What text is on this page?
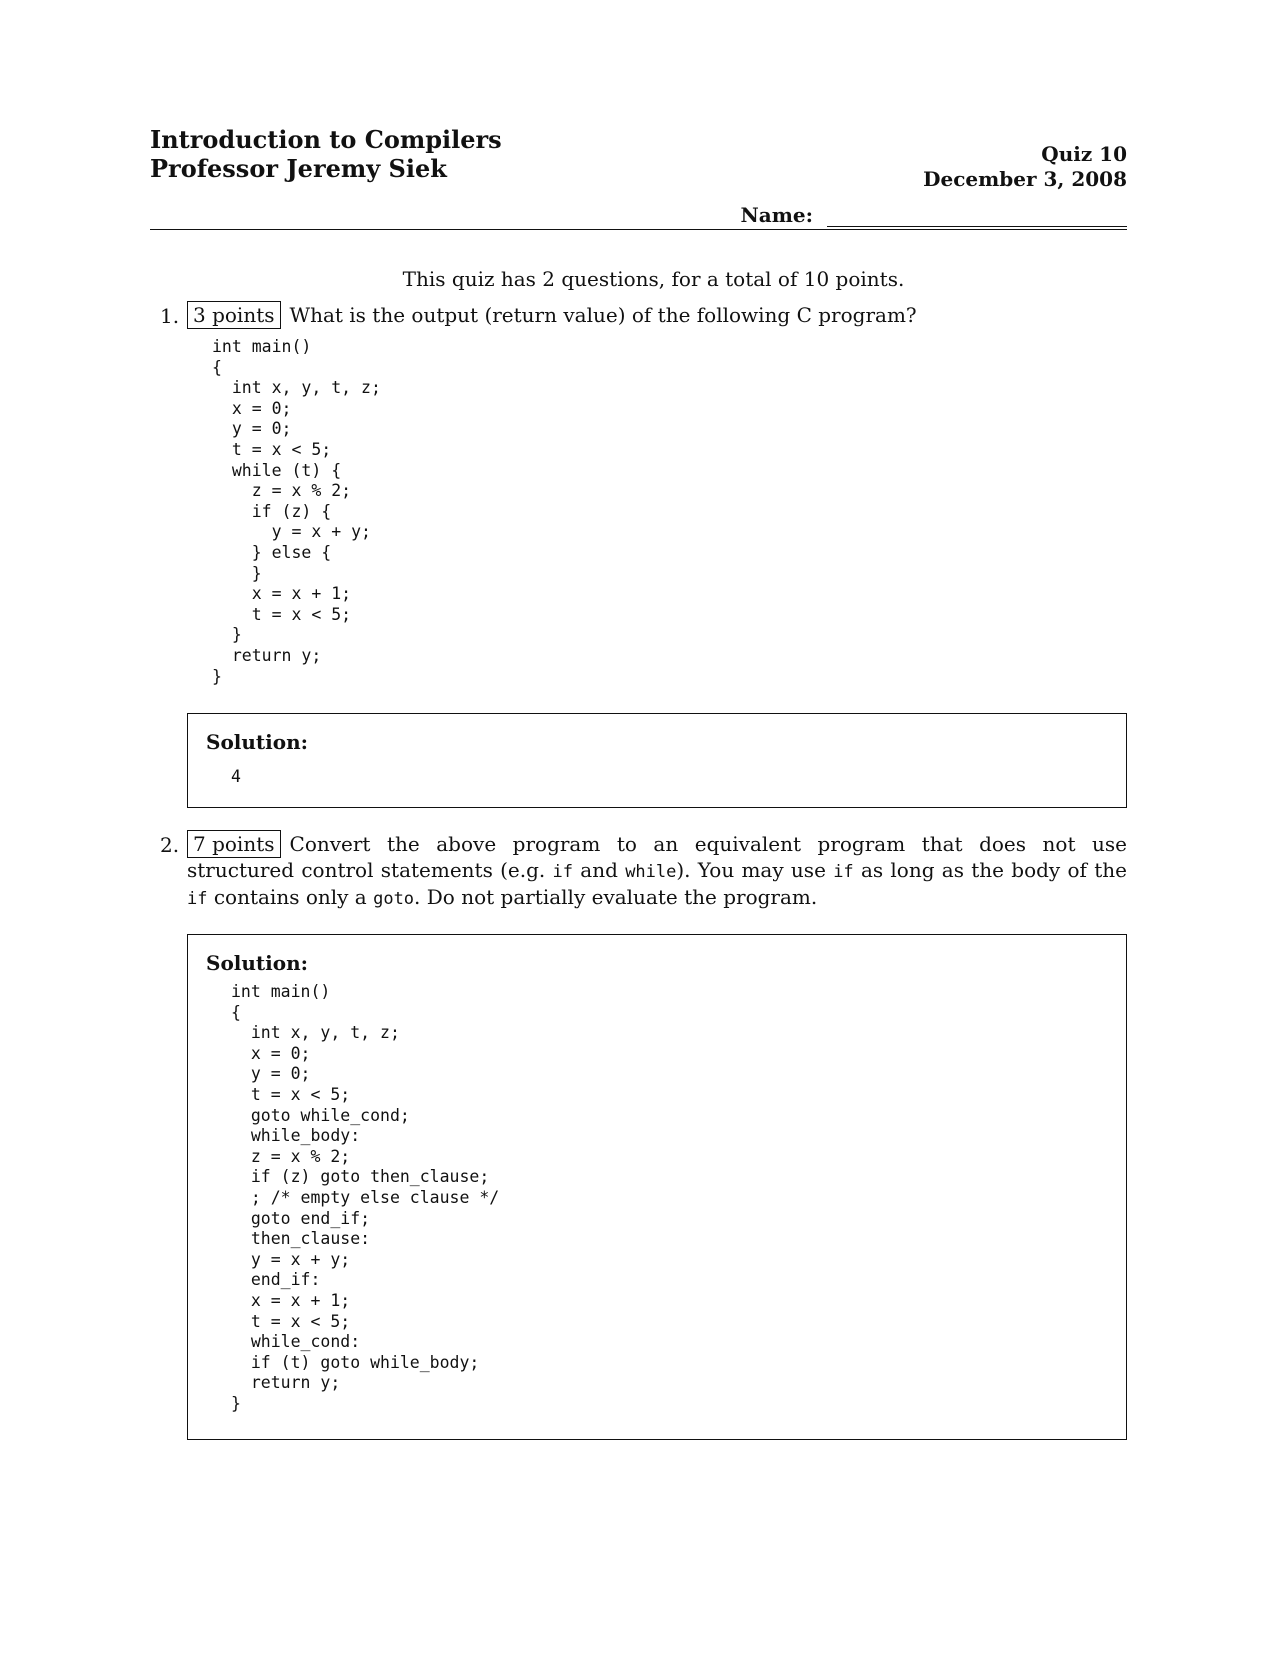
Introduction to Compilers
Professor Jeremy Siek	Quiz 10
December 3, 2008
Name:
This quiz has 2 questions, for a total of 10 points.
1. 3 points What is the output (return value) of the following C program?
int main()
{
int x, y, t, z;
x = 0;
y = 0;
t = x < 5;
while (t) {
z = x % 2;
if (z) {
y = x + y;
} else {
}
x = x + 1;
t = x < 5;
}
return y;
}
Solution:
4
2. 7 points Convert the above program to an equivalent program that does not use structured control statements (e.g. if and while). You may use if as long as the body of the if contains only a goto. Do not partially evaluate the program.
Solution:
int main()
{
int x, y, t, z;
x = 0;
y = 0;
t = x < 5;
goto while_cond;
while_body:
z = x % 2;
if (z) goto then_clause;
; /* empty else clause */
goto end_if;
then_clause:
y = x + y;
end_if:
x = x + 1;
t = x < 5;
while_cond:
if (t) goto while_body;
return y;
}
